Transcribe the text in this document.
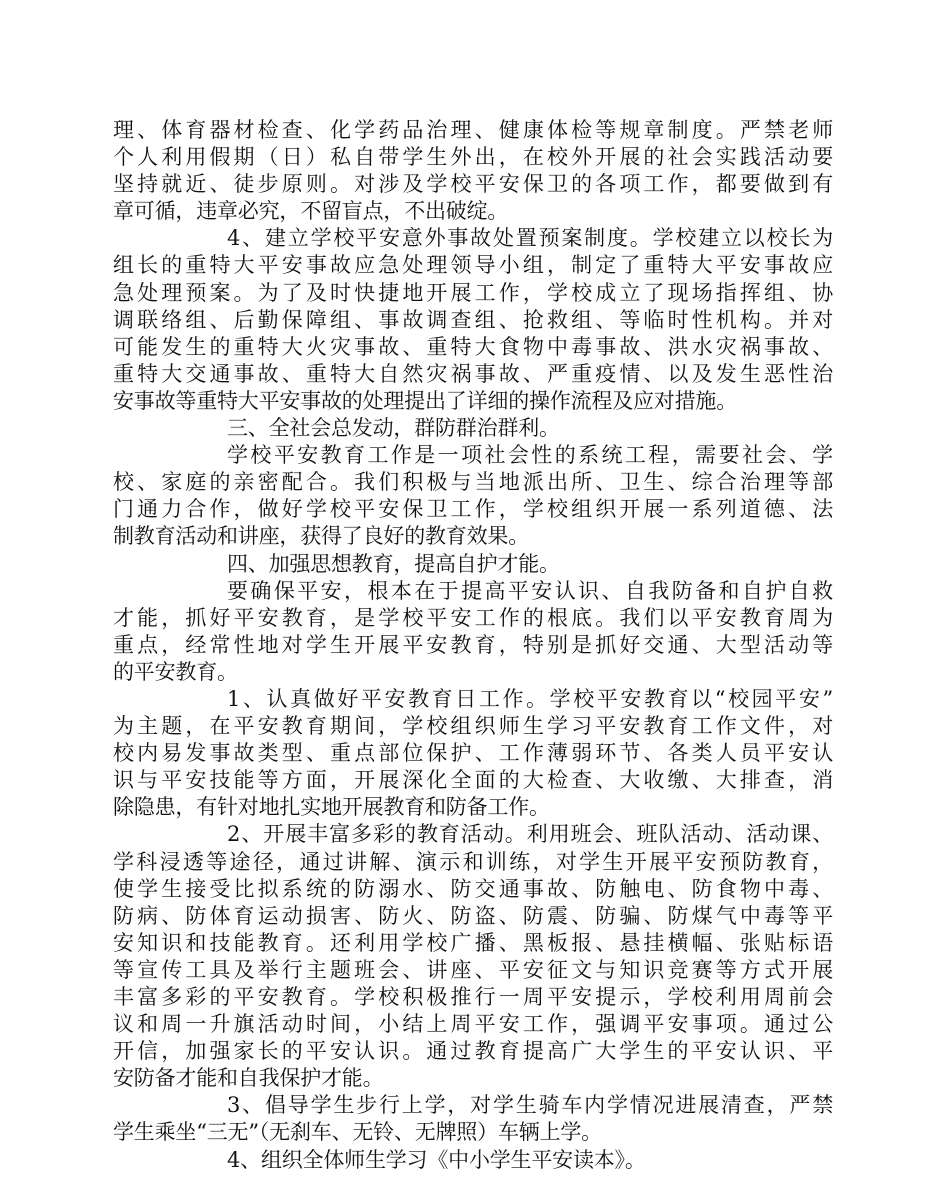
理、体育器材检查、化学药品治理、健康体检等规章制度。严禁老师
个人利用假期（日）私自带学生外出，在校外开展的社会实践活动要
坚持就近、徒步原则。对涉及学校平安保卫的各项工作，都要做到有
章可循，违章必究，不留盲点，不出破绽。
4、建立学校平安意外事故处置预案制度。学校建立以校长为
组长的重特大平安事故应急处理领导小组，制定了重特大平安事故应
急处理预案。为了及时快捷地开展工作，学校成立了现场指挥组、协
调联络组、后勤保障组、事故调查组、抢救组、等临时性机构。并对
可能发生的重特大火灾事故、重特大食物中毒事故、洪水灾祸事故、
重特大交通事故、重特大自然灾祸事故、严重疫情、以及发生恶性治
安事故等重特大平安事故的处理提出了详细的操作流程及应对措施。
三、全社会总发动，群防群治群利。
学校平安教育工作是一项社会性的系统工程，需要社会、学
校、家庭的亲密配合。我们积极与当地派出所、卫生、综合治理等部
门通力合作，做好学校平安保卫工作，学校组织开展一系列道德、法
制教育活动和讲座，获得了良好的教育效果。
四、加强思想教育，提高自护才能。
要确保平安，根本在于提高平安认识、自我防备和自护自救
才能，抓好平安教育，是学校平安工作的根底。我们以平安教育周为
重点，经常性地对学生开展平安教育，特别是抓好交通、大型活动等
的平安教育。
1、认真做好平安教育日工作。学校平安教育以“校园平安”
为主题，在平安教育期间，学校组织师生学习平安教育工作文件，对
校内易发事故类型、重点部位保护、工作薄弱环节、各类人员平安认
识与平安技能等方面，开展深化全面的大检查、大收缴、大排查，消
除隐患，有针对地扎实地开展教育和防备工作。
2、开展丰富多彩的教育活动。利用班会、班队活动、活动课、
学科浸透等途径，通过讲解、演示和训练，对学生开展平安预防教育，
使学生接受比拟系统的防溺水、防交通事故、防触电、防食物中毒、
防病、防体育运动损害、防火、防盗、防震、防骗、防煤气中毒等平
安知识和技能教育。还利用学校广播、黑板报、悬挂横幅、张贴标语
等宣传工具及举行主题班会、讲座、平安征文与知识竞赛等方式开展
丰富多彩的平安教育。学校积极推行一周平安提示，学校利用周前会
议和周一升旗活动时间，小结上周平安工作，强调平安事项。通过公
开信，加强家长的平安认识。通过教育提高广大学生的平安认识、平
安防备才能和自我保护才能。
3、倡导学生步行上学，对学生骑车内学情况进展清查，严禁
学生乘坐“三无”（无刹车、无铃、无牌照）车辆上学。
4、组织全体师生学习《中小学生平安读本》。
